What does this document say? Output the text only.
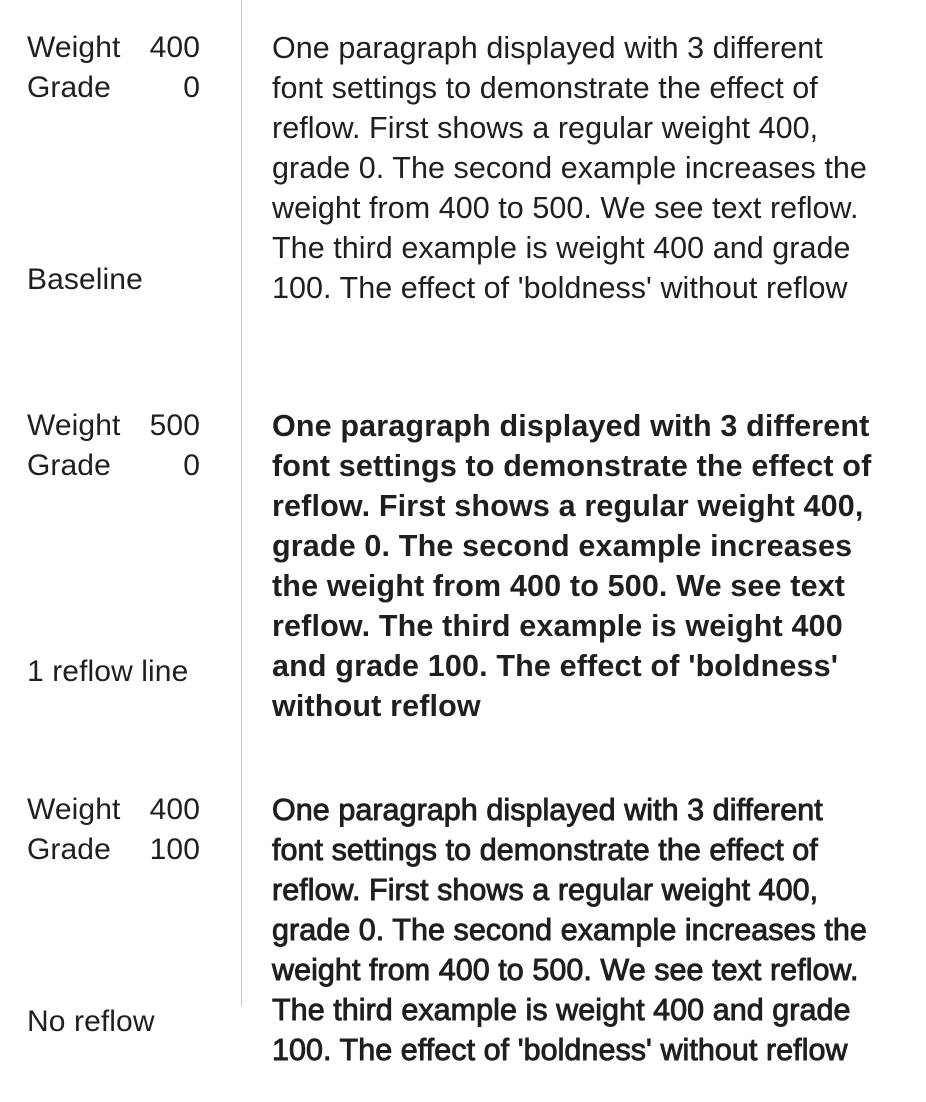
Weight 400
Grade 0
Baseline
One paragraph displayed with 3 different
font settings to demonstrate the effect of
reflow. First shows a regular weight 400,
grade 0. The second example increases the
weight from 400 to 500. We see text reflow.
The third example is weight 400 and grade
100. The effect of 'boldness' without reflow
Weight 500
Grade 0
1 reflow line
One paragraph displayed with 3 different
font settings to demonstrate the effect of
reflow. First shows a regular weight 400,
grade 0. The second example increases
the weight from 400 to 500. We see text
reflow. The third example is weight 400
and grade 100. The effect of 'boldness'
without reflow
Weight 400
Grade 100
No reflow
One paragraph displayed with 3 different
font settings to demonstrate the effect of
reflow. First shows a regular weight 400,
grade 0. The second example increases the
weight from 400 to 500. We see text reflow.
The third example is weight 400 and grade
100. The effect of 'boldness' without reflow
